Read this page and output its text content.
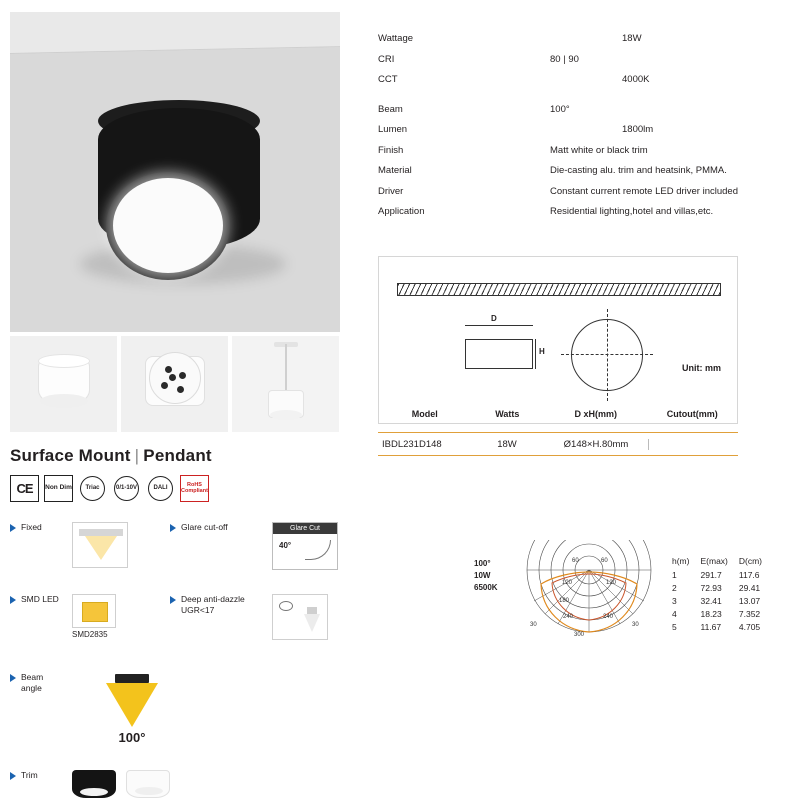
Surface Mount | Pendant
CE	Non Dim	Triac	0/1-10V	DALI
RoHS Compliant
Fixed	Glare cut-off	Glare Cut
40°
SMD LED
SMD2835
Deep anti-dazzle UGR<17
Beam angle
100°
Trim
Wattage	18W
CRI	80 | 90
CCT	4000K
Beam	100°
Lumen	1800lm
Finish	Matt white or black trim
Material	Die-casting alu. trim and heatsink, PMMA.
Driver	Constant current remote LED driver included
Application	Residential lighting,hotel and villas,etc.
D
H
Unit: mm
Model	Watts	D xH(mm)	Cutout(mm)
IBDL231D148	18W	Ø148×H.80mm
100°
10W
6500K
60	60
120	120
180
240	240
300
30	30
h(m)	E(max)	D(cm)
1	291.7	117.6
2	72.93	29.41
3	32.41	13.07
4	18.23	7.352
5	11.67	4.705
